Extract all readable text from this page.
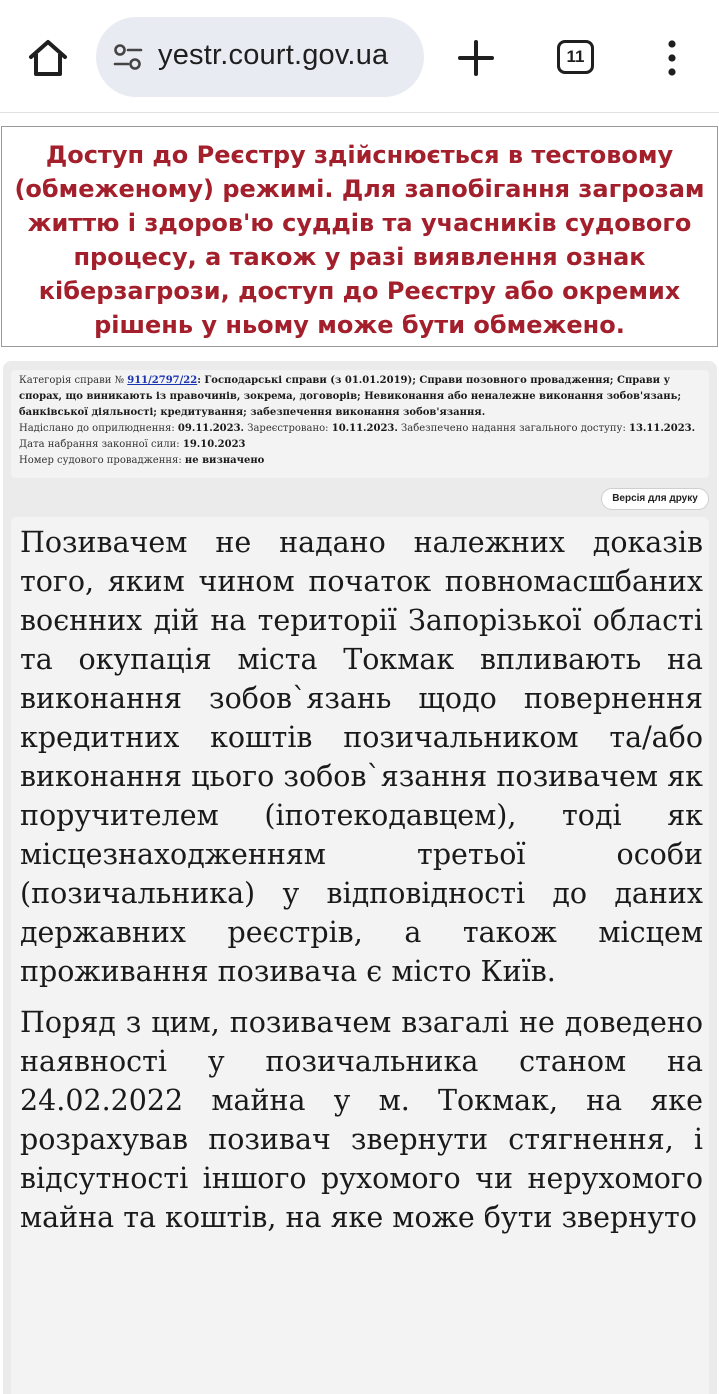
yestr.court.gov.ua	11
Доступ до Реєстру здійснюється в тестовому (обмеженому) режимі. Для запобігання загрозам життю і здоров'ю суддів та учасників судового процесу, а також у разі виявлення ознак кіберзагрози, доступ до Реєстру або окремих рішень у ньому може бути обмежено.
Категорія справи № 911/2797/22: Господарські справи (з 01.01.2019); Справи позовного провадження; Справи у спорах, що виникають із правочинів, зокрема, договорів; Невиконання або неналежне виконання зобов'язань; банківської діяльності; кредитування; забезпечення виконання зобов'язання.
Надіслано до оприлюднення: 09.11.2023. Зареєстровано: 10.11.2023. Забезпечено надання загального доступу: 13.11.2023.
Дата набрання законної сили: 19.10.2023
Номер судового провадження: не визначено
Версія для друку

Позивачем не надано належних доказів того, яким чином початок повномасшбаних воєнних дій на території Запорізької області та окупація міста Токмак впливають на виконання зобов`язань щодо повернення кредитних коштів позичальником та/або виконання цього зобов`язання позивачем як поручителем (іпотекодавцем), тоді як місцезнаходженням третьої особи (позичальника) у відповідності до даних державних реєстрів, а також місцем проживання позивача є місто Київ.

Поряд з цим, позивачем взагалі не доведено наявності у позичальника станом на 24.02.2022 майна у м. Токмак, на яке розрахував позивач звернути стягнення, і відсутності іншого рухомого чи нерухомого майна та коштів, на яке може бути звернуто
